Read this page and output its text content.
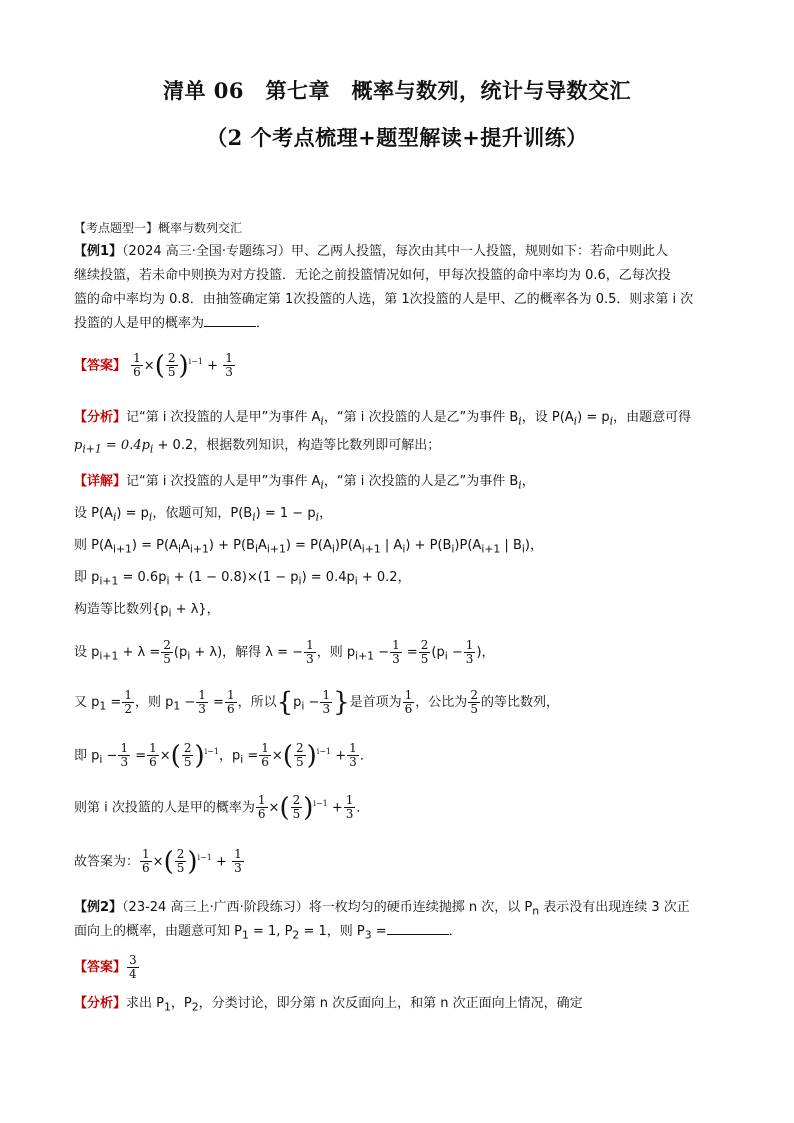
清单 06　第七章　概率与数列，统计与导数交汇
（2 个考点梳理+题型解读+提升训练）
【考点题型一】概率与数列交汇
【例1】（2024 高三·全国·专题练习）甲、乙两人投篮，每次由其中一人投篮，规则如下：若命中则此人
继续投篮，若未命中则换为对方投篮．无论之前投篮情况如何，甲每次投篮的命中率均为 0.6，乙每次投
篮的命中率均为 0.8．由抽签确定第 1次投篮的人选，第 1次投篮的人是甲、乙的概率各为 0.5．则求第 i 次
投篮的人是甲的概率为	．
【答案】 $\frac{1}{6}$ ×( $\frac{2}{5} )^{i-1} + \frac{1}{3}$
【分析】记“第 i 次投篮的人是甲”为事件 $A_i$，“第 i 次投篮的人是乙”为事件 $B_i$，设 $P(A_i) = p_i$，由题意可得
$p_{i+1} = 0.4p_i + 0.2$，根据数列知识，构造等比数列即可解出；
【详解】记“第 i 次投篮的人是甲”为事件 $A_i$，“第 i 次投篮的人是乙”为事件 $B_i$，
设 $P(A_i) = p_i$，依题可知，$P(B_i) = 1 - p_i$，
则 $P(A_{i+1}) = P(A_iA_{i+1}) + P(B_iA_{i+1}) = P(A_i)P(A_{i+1}$ | $A_i) + P(B_i)P(A_{i+1}$ | $B_i$)，
即 $p_{i+1} = 0.6p_i + (1 - 0.8)\times(1 - p_i) = 0.4p_i + 0.2$，
构造等比数列$\{p_i + \lambda\}$，
设 $p_{i+1} + \lambda = \frac{2}{5} (p_i + \lambda)$，解得 λ = − $\frac{1}{3}$ ，则 $p_{i+1} - \frac{1}{3} = \frac{2}{5} (p_i - \frac{1}{3}$ )，
又 $p_1 = \frac{1}{2}$ ，则 $p_1 - \frac{1}{3} = \frac{1}{6}$ ，所以{$p_i - \frac{1}{3}$ }是首项为 $\frac{1}{6}$ ，公比为 $\frac{2}{5}$ 的等比数列，
即 $p_i - \frac{1}{3} = \frac{1}{6}$ ×( $\frac{2}{5} )^{i-1}$，$p_i = \frac{1}{6}$ ×( $\frac{2}{5} )^{i-1} + \frac{1}{3}$ ．
则第 i 次投篮的人是甲的概率为 $\frac{1}{6}$ ×( $\frac{2}{5} )^{i-1} + \frac{1}{3}$ ．
故答案为： $\frac{1}{6}$ ×( $\frac{2}{5} )^{i-1} + \frac{1}{3}$
【例2】（23-24 高三上·广西·阶段练习）将一枚均匀的硬币连续抛掷 n 次，以 $P_n$ 表示没有出现连续 3 次正
面向上的概率，由题意可知 $P_1 = 1$, $P_2 = 1$，则 $P_3$ =	．
【答案】 $\frac{3}{4}$
【分析】求出 $P_1$，$P_2$，分类讨论，即分第 n 次反面向上，和第 n 次正面向上情况，确定
